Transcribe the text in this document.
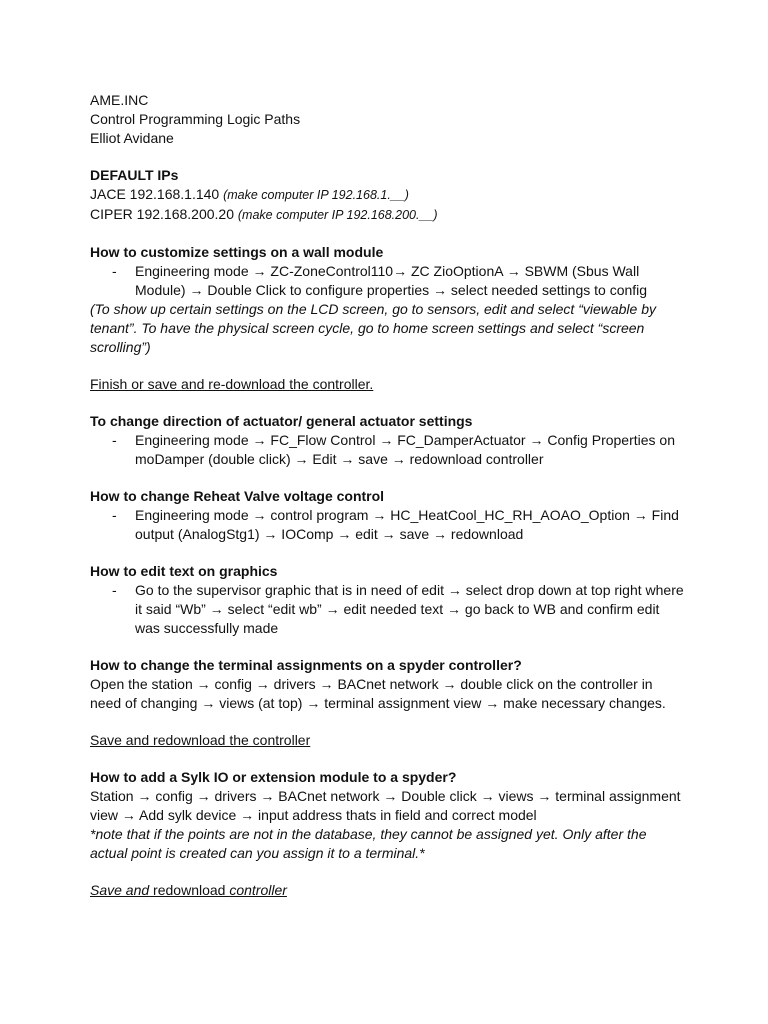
AME.INC
Control Programming Logic Paths
Elliot Avidane
DEFAULT IPs
JACE 192.168.1.140 (make computer IP 192.168.1.__)
CIPER 192.168.200.20 (make computer IP 192.168.200.__)
How to customize settings on a wall module
- Engineering mode → ZC-ZoneControl110→ ZC ZioOptionA → SBWM (Sbus Wall
Module) → Double Click to configure properties → select needed settings to config
(To show up certain settings on the LCD screen, go to sensors, edit and select “viewable by
tenant”. To have the physical screen cycle, go to home screen settings and select “screen
scrolling”)
Finish or save and re-download the controller.
To change direction of actuator/ general actuator settings
- Engineering mode → FC_Flow Control → FC_DamperActuator → Config Properties on
moDamper (double click) → Edit → save → redownload controller
How to change Reheat Valve voltage control
- Engineering mode → control program → HC_HeatCool_HC_RH_AOAO_Option → Find
output (AnalogStg1) → IOComp → edit → save → redownload
How to edit text on graphics
- Go to the supervisor graphic that is in need of edit → select drop down at top right where
it said “Wb” → select “edit wb” → edit needed text → go back to WB and confirm edit
was successfully made
How to change the terminal assignments on a spyder controller?
Open the station → config → drivers → BACnet network → double click on the controller in
need of changing → views (at top) → terminal assignment view → make necessary changes.
Save and redownload the controller
How to add a Sylk IO or extension module to a spyder?
Station → config → drivers → BACnet network → Double click → views → terminal assignment
view → Add sylk device → input address thats in field and correct model
*note that if the points are not in the database, they cannot be assigned yet. Only after the
actual point is created can you assign it to a terminal.*
Save and redownload controller
